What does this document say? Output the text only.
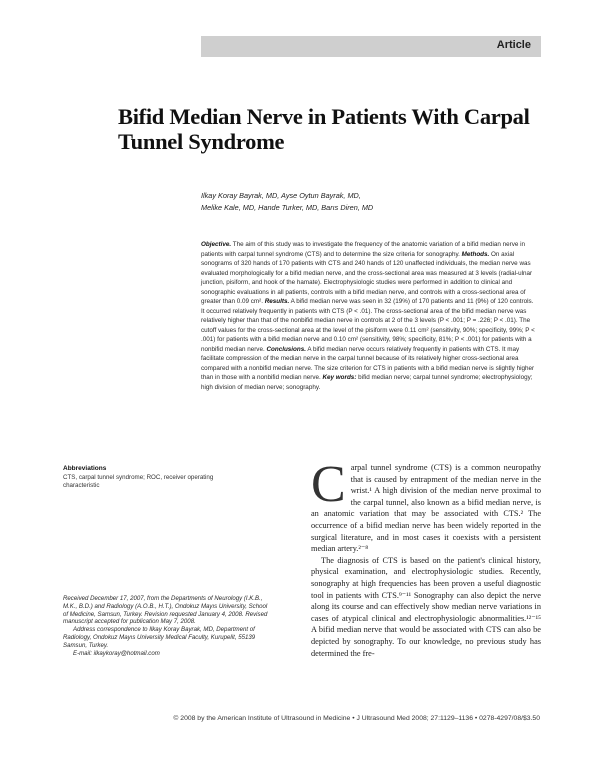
Article
Bifid Median Nerve in Patients With Carpal Tunnel Syndrome
Ilkay Koray Bayrak, MD, Ayse Oytun Bayrak, MD,
Melike Kale, MD, Hande Turker, MD, Barıs Diren, MD
Objective. The aim of this study was to investigate the frequency of the anatomic variation of a bifid median nerve in patients with carpal tunnel syndrome (CTS) and to determine the size criteria for sonography. Methods. On axial sonograms of 320 hands of 170 patients with CTS and 240 hands of 120 unaffected individuals, the median nerve was evaluated morphologically for a bifid median nerve, and the cross-sectional area was measured at 3 levels (radial-ulnar junction, pisiform, and hook of the hamate). Electrophysiologic studies were performed in addition to clinical and sonographic evaluations in all patients, controls with a bifid median nerve, and controls with a cross-sectional area of greater than 0.09 cm². Results. A bifid median nerve was seen in 32 (19%) of 170 patients and 11 (9%) of 120 controls. It occurred relatively frequently in patients with CTS (P < .01). The cross-sectional area of the bifid median nerve was relatively higher than that of the nonbifid median nerve in controls at 2 of the 3 levels (P < .001; P = .226; P < .01). The cutoff values for the cross-sectional area at the level of the pisiform were 0.11 cm² (sensitivity, 90%; specificity, 99%; P < .001) for patients with a bifid median nerve and 0.10 cm² (sensitivity, 98%; specificity, 81%; P < .001) for patients with a nonbifid median nerve. Conclusions. A bifid median nerve occurs relatively frequently in patients with CTS. It may facilitate compression of the median nerve in the carpal tunnel because of its relatively higher cross-sectional area compared with a nonbifid median nerve. The size criterion for CTS in patients with a bifid median nerve is slightly higher than in those with a nonbifid median nerve. Key words: bifid median nerve; carpal tunnel syndrome; electrophysiology; high division of median nerve; sonography.
Abbreviations
CTS, carpal tunnel syndrome; ROC, receiver operating characteristic

Received December 17, 2007, from the Departments of Neurology (I.K.B., M.K., B.D.) and Radiology (A.O.B., H.T.), Ondokuz Mayıs University, School of Medicine, Samsun, Turkey. Revision requested January 4, 2008. Revised manuscript accepted for publication May 7, 2008.

Address correspondence to Ilkay Koray Bayrak, MD, Department of Radiology, Ondokuz Mayıs University Medical Faculty, Kurupelit, 55139 Samsun, Turkey.

E-mail: ilkaykoray@hotmail.com

Carpal tunnel syndrome (CTS) is a common neuropathy that is caused by entrapment of the median nerve in the wrist.¹ A high division of the median nerve proximal to the carpal tunnel, also known as a bifid median nerve, is an anatomic variation that may be associated with CTS.² The occurrence of a bifid median nerve has been widely reported in the surgical literature, and in most cases it coexists with a persistent median artery.²⁻⁸

The diagnosis of CTS is based on the patient's clinical history, physical examination, and electrophysiologic studies. Recently, sonography at high frequencies has been proven a useful diagnostic tool in patients with CTS.⁹⁻¹¹ Sonography can also depict the nerve along its course and can effectively show median nerve variations in cases of atypical clinical and electrophysiologic abnormalities.¹²⁻¹⁵ A bifid median nerve that would be associated with CTS can also be depicted by sonography. To our knowledge, no previous study has determined the fre-

© 2008 by the American Institute of Ultrasound in Medicine • J Ultrasound Med 2008; 27:1129–1136 • 0278-4297/08/$3.50
